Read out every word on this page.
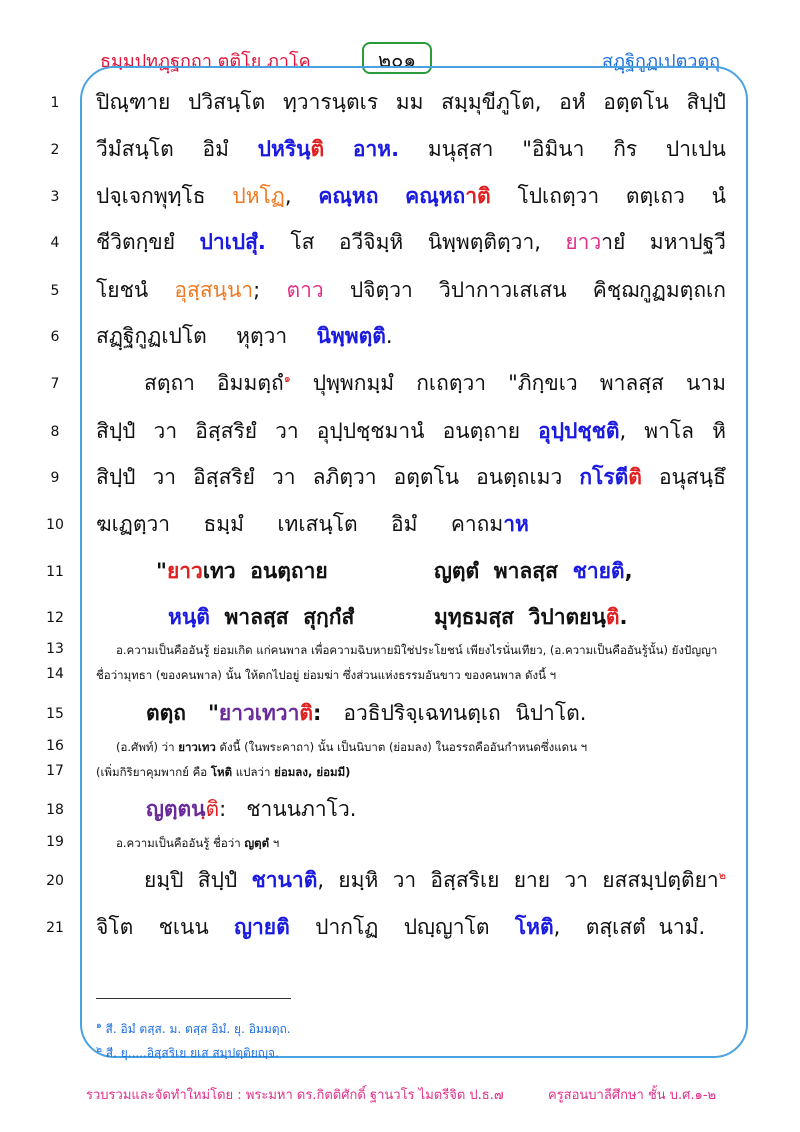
ธมฺมปทฏฺฐกถา ตติโย ภาโค	๒๐๑	สฏฺฐิกูฏเปตวตฺถุ
1
2
3
4
5
6
7
8
9
10
11
12
13
14
15
16
17
18
19
20
21
ปิณฺฑาย ปวิสนฺโต ทฺวารนฺตเร มม สมฺมุขีภูโต, อหํ อตฺตโน สิปฺปํ
วีมํสนฺโต อิมํ ปหรินฺติ อาห. มนุสฺสา "อิมินา กิร ปาเปน
ปจฺเจกพุทฺโธ ปหโฏ, คณฺหถ คณฺหถาติ โปเถตฺวา ตตฺเถว นํ
ชีวิตกฺขยํ ปาเปสุํ. โส อวีจิมฺหิ นิพฺพตฺติตฺวา, ยาวายํ มหาปฐวี
โยชนํ อุสฺสนฺนา; ตาว ปจิตฺวา วิปากาวเสเสน คิชฺฌกูฏมตฺถเก
สฏฺฐิกูฏเปโต หุตฺวา นิพฺพตฺติ.
สตฺถา อิมมตฺถ$^๑$ ปุพฺพกมฺมํ กเถตฺวา "ภิกฺขเว พาลสฺส นาม
สิปฺปํ วา อิสฺสริยํ วา อุปฺปชฺชมานํ อนตฺถาย อุปฺปชฺชติ, พาโล หิ
สิปฺปํ วา อิสฺสริยํ วา ลภิตฺวา อตฺตโน อนตฺถเมว กโรตีติ อนุสนฺธึ
ฆเฏตฺวา ธมฺมํ เทเสนฺโต อิมํ คาถมาห
"ยาวเทว อนตฺถาย	ญตฺตํ พาลสฺส ชายติ,
หนฺติ พาลสฺส สุกฺกํสํ	มุทฺธมสฺส วิปาตยนฺติ.
อ.ความเป็นคืออันรู้ ย่อมเกิด แก่คนพาล เพื่อความฉิบหายมิใช่ประโยชน์ เพียงไรนั่นเทียว, (อ.ความเป็นคืออันรู้นั้น) ยังปัญญา
ชื่อว่ามุทธา (ของคนพาล) นั้น ให้ตกไปอยู่ ย่อมฆ่า ซึ่งส่วนแห่งธรรมอันขาว ของคนพาล ดังนี้ ฯ
ตตฺถ "ยาวเทวาติ: อวธิปริจฺเฉทนตฺเถ นิปาโต.
(อ.ศัพท์) ว่า ยาวเทว ดังนี้ (ในพระคาถา) นั้น เป็นนิบาต (ย่อมลง) ในอรรถคืออันกำหนดซึ่งแดน ฯ
(เพิ่มกิริยาคุมพากย์ คือ โหติ แปลว่า ย่อมลง, ย่อมมี)
ญตฺตนฺติ: ชานนภาโว.
อ.ความเป็นคืออันรู้ ชื่อว่า ญตฺตํ ฯ
ยมฺปิ สิปฺปํ ชานาติ, ยมฺหิ วา อิสฺสริเย ยาย วา ยสสมฺปตฺติยา$^๒$
จิโต ชเนน ญายติ ปากโฏ ปญฺญาโต โหติ, ตสฺเสตํ นามํ.
$^๑$ สี. อิมํ ตสฺส. ม. ตสฺส อิมํ. ยุ. อิมมตฺถ.
$^๒$ สี. ยุ.....อิสฺสริเย ยเส สมฺปตฺติยญฺจ.
รวบรวมและจัดทำใหม่โดย : พระมหา ดร.กิตติศักดิ์ ฐานวโร ไมตรีจิต ป.ธ.๗	ครูสอนบาลีศึกษา ชั้น บ.ศ.๑-๒
